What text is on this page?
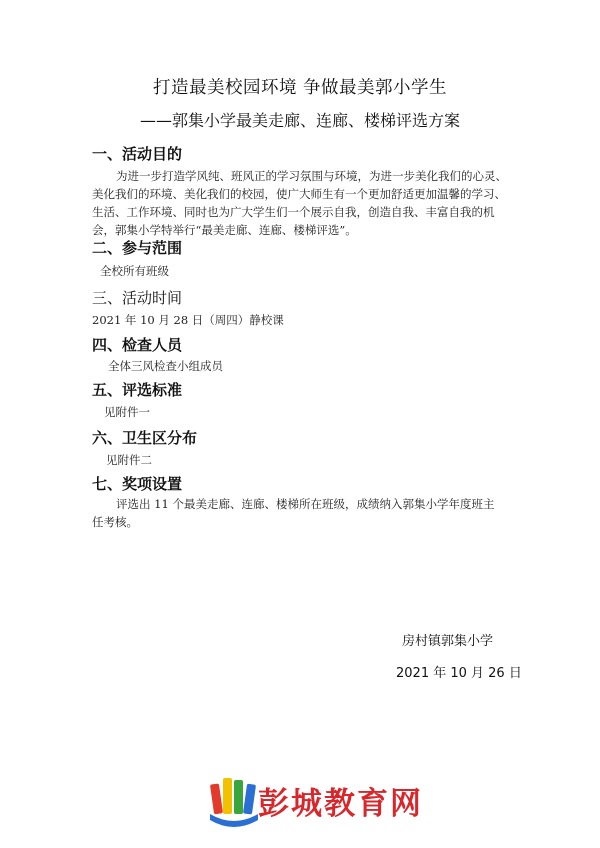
打造最美校园环境 争做最美郭小学生
——郭集小学最美走廊、连廊、楼梯评选方案
一、活动目的
为进一步打造学风纯、班风正的学习氛围与环境，为进一步美化我们的心灵、
美化我们的环境、美化我们的校园，使广大师生有一个更加舒适更加温馨的学习、
生活、工作环境、同时也为广大学生们一个展示自我，创造自我、丰富自我的机
会，郭集小学特举行“最美走廊、连廊、楼梯评选”。
二、参与范围
全校所有班级
三、活动时间
2021 年 10 月 28 日（周四）静校课
四、检查人员
全体三风检查小组成员
五、评选标准
见附件一
六、卫生区分布
见附件二
七、奖项设置
评选出 11 个最美走廊、连廊、楼梯所在班级，成绩纳入郭集小学年度班主
任考核。
房村镇郭集小学
2021 年 10 月 26 日
彭城教育网
